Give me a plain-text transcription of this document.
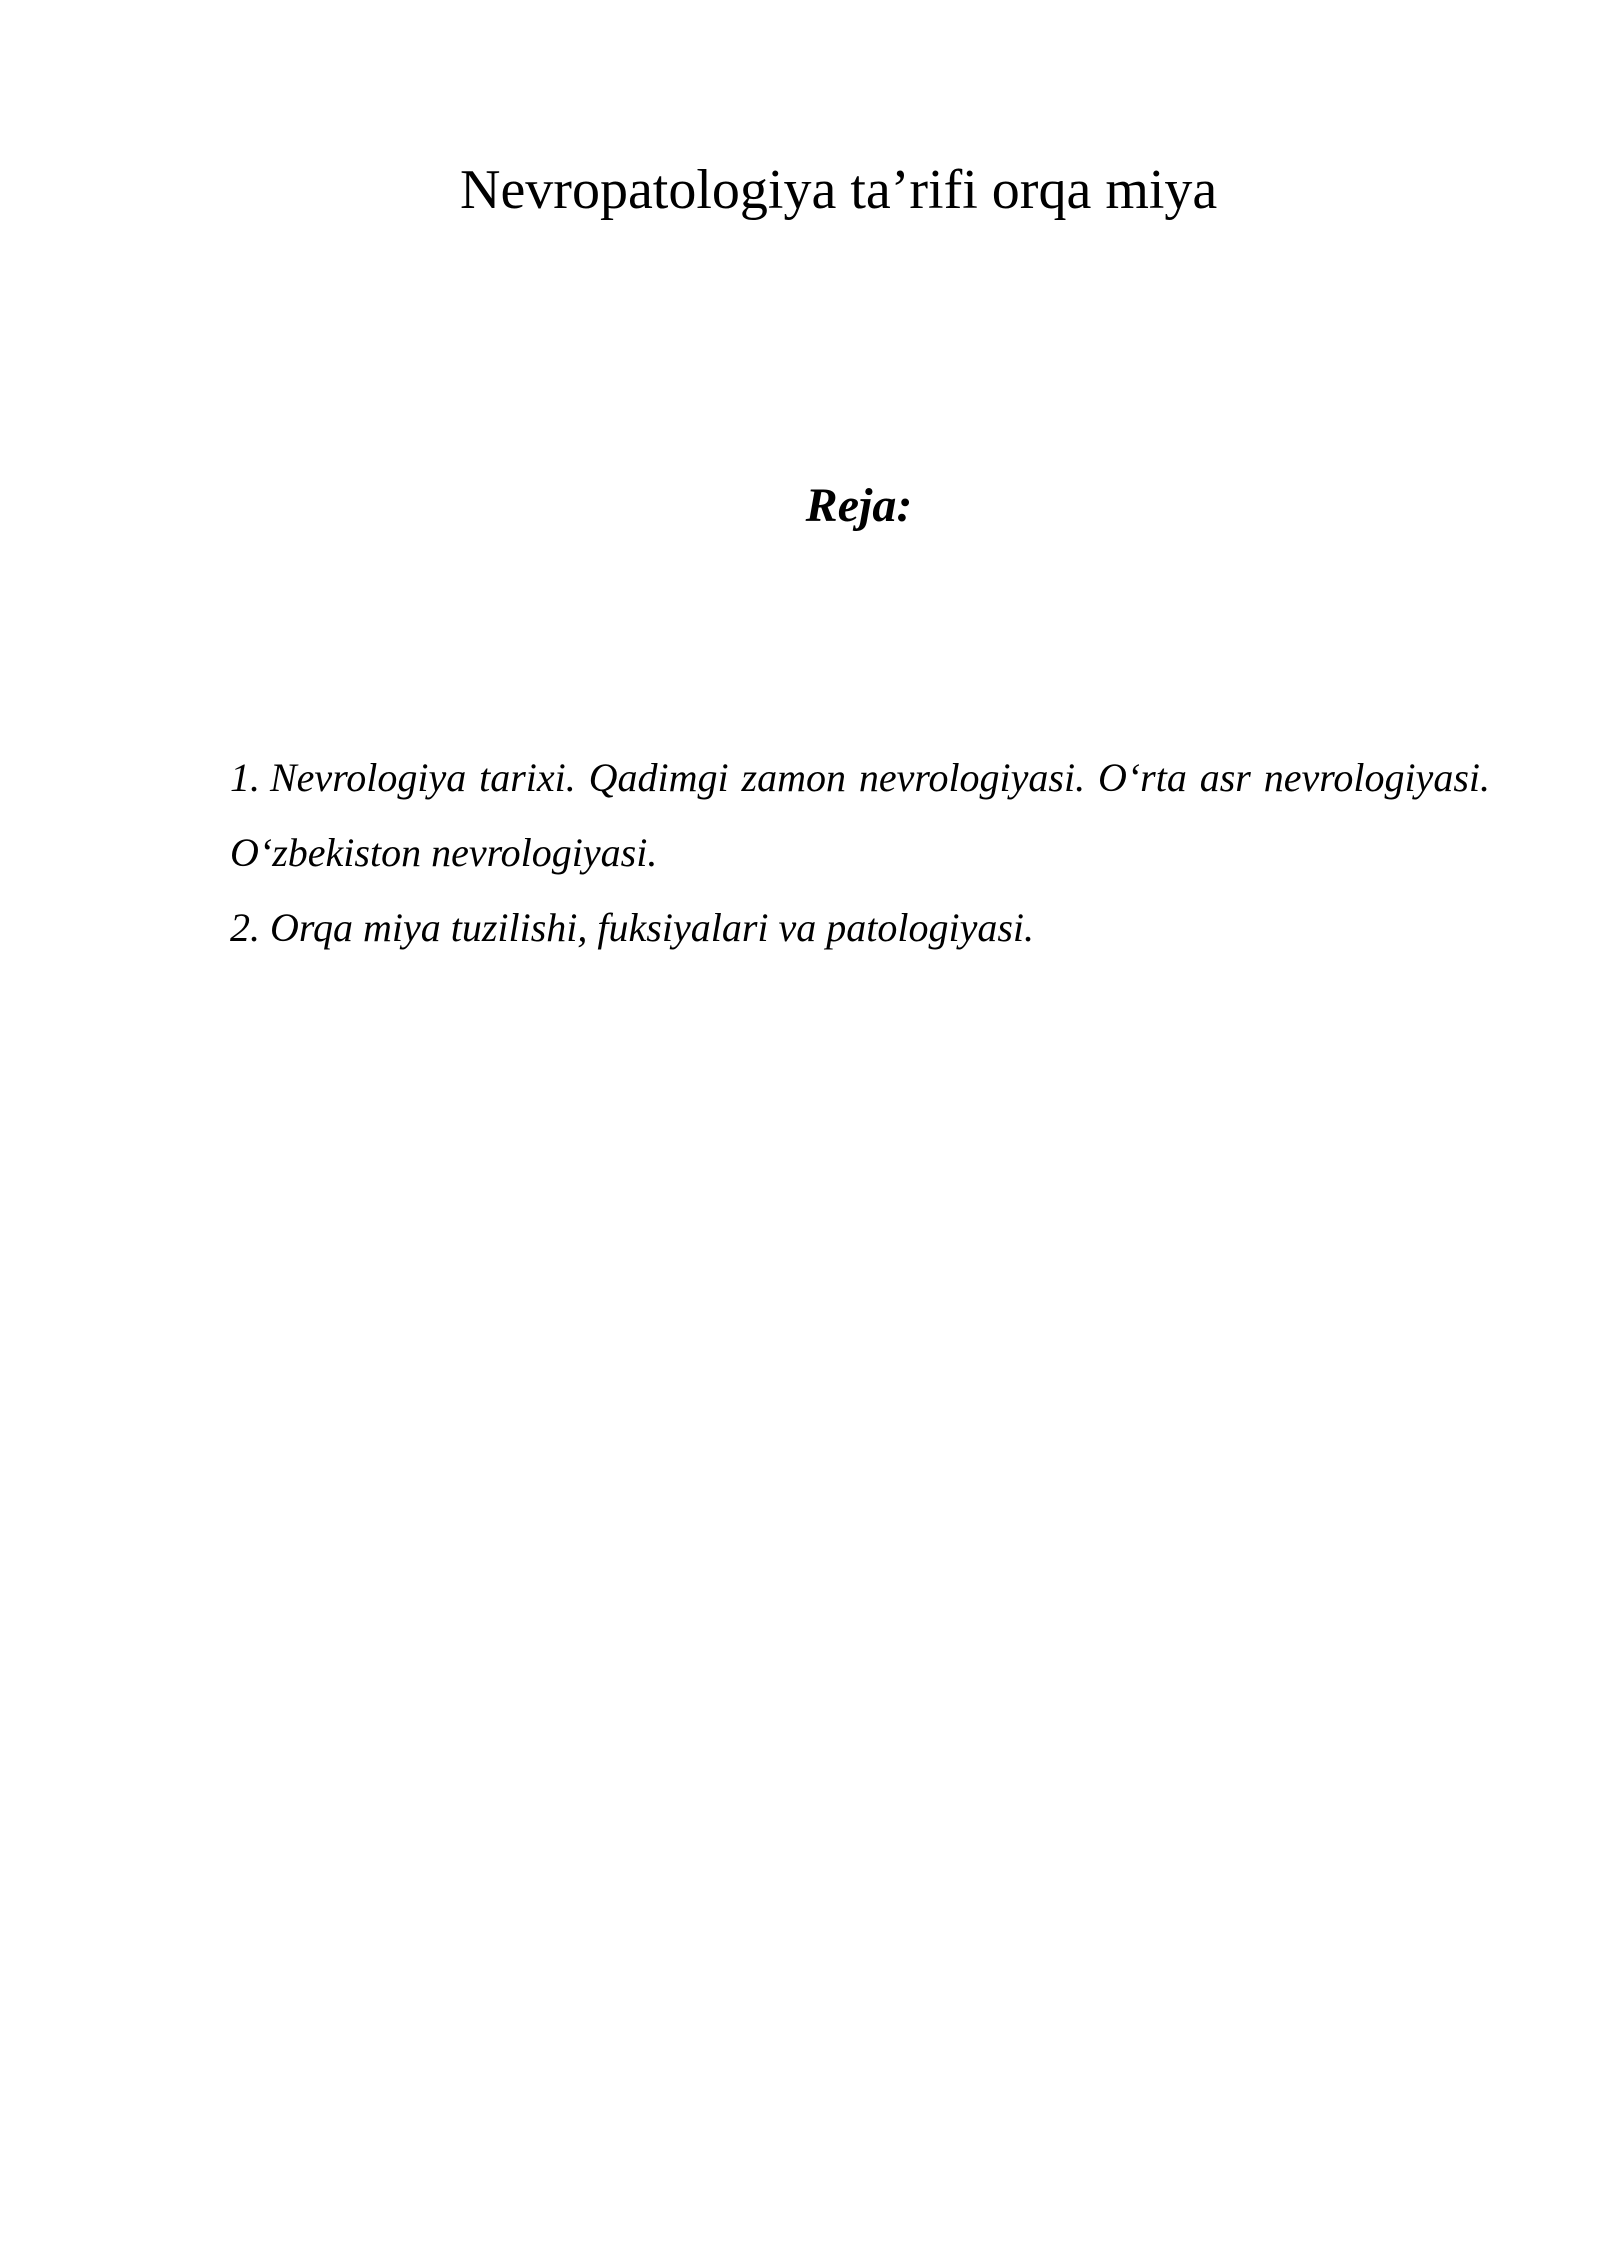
Nevropatologiya ta’rifi orqa miya
Reja:
1. Nevrologiya tarixi. Qadimgi zamon nevrologiyasi. O‘rta asr nevrologiyasi. O‘zbekiston nevrologiyasi.
2. Orqa miya tuzilishi, fuksiyalari va patologiyasi.
